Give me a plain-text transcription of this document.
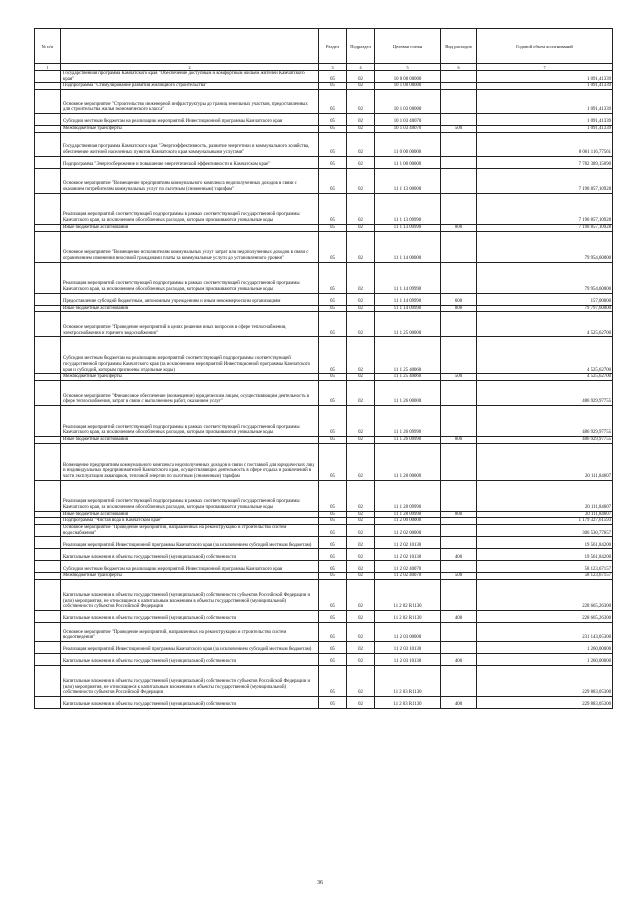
№ п/п		Раздел	Подраздел	Целевая статья	Вид расходов	Годовой объем ассигнований
1	2	3	4	5	6	7
	Государственная программа Камчатского края "Обеспечение доступным и комфортным жильем жителей Камчатского края"	05	02	10 0 00 00000		1 091,41339
	Подпрограмма "Стимулирование развития жилищного строительства"	05	02	10 1 00 00000		1 091,41339
	Основное мероприятие "Строительство инженерной инфраструктуры до границ земельных участков, предоставленных для строительства жилья экономического класса"	05	02	10 1 03 00000		1 091,41339
	Субсидии местным бюджетам на реализацию мероприятий Инвестиционной программы Камчатского края	05	02	10 1 03 40070		1 091,41339
	Межбюджетные трансферты	05	02	10 1 03 40070	500	1 091,41339
	Государственная программа Камчатского края "Энергоэффективность, развитие энергетики и коммунального хозяйства, обеспечение жителей населенных пунктов Камчатского края коммунальными услугами"	05	02	11 0 00 00000		8 061 116,77561
	Подпрограмма "Энергосбережение и повышение энергетической эффективности в Камчатском крае"	05	02	11 1 00 00000		7 782 389,15090
	Основное мероприятие "Возмещение предприятиям коммунального комплекса недополученных доходов в связи с оказанием потребителям коммунальных услуг по льготным (сниженным) тарифам"	05	02	11 1 13 00000		7 190 857,10928
	Реализация мероприятий соответствующей подпрограммы в рамках соответствующей государственной программы Камчатского края, за исключением обособленных расходов, которым присваиваются уникальные коды	05	02	11 1 13 09990		7 190 857,10928
	Иные бюджетные ассигнования	05	02	11 1 13 09990	800	7 190 857,10928
	Основное мероприятие "Возмещение исполнителям коммунальных услуг затрат или недополученных доходов в связи с ограничением изменения вносимой гражданами платы за коммунальные услуги до установленного уровня"	05	02	11 1 14 00000		79 954,60000
	Реализация мероприятий соответствующей подпрограммы в рамках соответствующей государственной программы Камчатского края, за исключением обособленных расходов, которым присваиваются уникальные коды	05	02	11 1 14 09990		79 954,60000
	Предоставление субсидий бюджетным, автономным учреждениям и иным некоммерческим организациям	05	02	11 1 14 09990	600	157,00000
	Иные бюджетные ассигнования	05	02	11 1 14 09990	800	79 797,60000
	Основное мероприятие "Проведение мероприятий в целях решения иных вопросов в сфере теплоснабжения, электроснабжения и горячего водоснабжения"	05	02	11 1 25 00000		4 525,62700
	Субсидии местным бюджетам на реализацию мероприятий соответствующей подпрограммы соответствующей государственной программы Камчатского края (за исключением мероприятий Инвестиционной программы Камчатского края и субсидий, которым присвоены отдельные коды)	05	02	11 1 25 40060		4 525,62700
	Межбюджетные трансферты	05	02	11 1 25 40060	500	4 525,62700
	Основное мероприятие "Финансовое обеспечение (возмещение) юридическим лицам, осуществляющим деятельность в сфере теплоснабжения, затрат в связи с выполнением работ, оказанием услуг"	05	02	11 1 26 00000		486 929,97755
	Реализация мероприятий соответствующей подпрограммы в рамках соответствующей государственной программы Камчатского края, за исключением обособленных расходов, которым присваиваются уникальные коды	05	02	11 1 26 09990		486 929,97755
	Иные бюджетные ассигнования	05	02	11 1 26 09990	800	486 929,97755
	Возмещение предприятиям коммунального комплекса недополученных доходов в связи с поставкой для юридических лиц и индивидуальных предпринимателей Камчатского края, осуществляющих деятельность в сфере отдыха и развлечений в части эксплуатации аквапарков, тепловой энергии по льготным (сниженным) тарифам	05	02	11 1 28 00000		20 111,84607
	Реализация мероприятий соответствующей подпрограммы в рамках соответствующей государственной программы Камчатского края, за исключением обособленных расходов, которым присваиваются уникальные коды	05	02	11 1 28 09990		20 111,84607
	Иные бюджетные ассигнования	05	02	11 1 28 09990	800	20 111,84607
	Подпрограмма "Чистая вода в Камчатском крае"	05	02	11 2 00 00000		1 179 327,61593
	Основное мероприятие "Проведение мероприятий, направленных на реконструкцию и строительство систем водоснабжения"	05	02	11 2 02 00000		306 530,77657
	Реализация мероприятий Инвестиционной программы Камчатского края (за исключением субсидий местным бюджетам)	05	02	11 2 02 10130		19 561,84200
	Капитальные вложения в объекты государственной (муниципальной) собственности	05	02	11 2 02 10130	400	19 561,84200
	Субсидии местным бюджетам на реализацию мероприятий Инвестиционной программы Камчатского края	05	02	11 2 02 40070		58 123,67157
	Межбюджетные трансферты	05	02	11 2 02 40070	500	58 123,67157
	Капитальные вложения в объекты государственной (муниципальной) собственности субъектов Российской Федерации и (или) мероприятия, не относящиеся к капитальным вложениям в объекты государственной (муниципальной) собственности субъектов Российской Федерации	05	02	11 2 02 R1130		228 665,26300
	Капитальные вложения в объекты государственной (муниципальной) собственности	05	02	11 2 02 R1130	400	228 665,26300
	Основное мероприятие "Проведение мероприятий, направленных на реконструкцию и строительство систем водоотведения"	05	02	11 2 03 00000		231 143,05300
	Реализация мероприятий Инвестиционной программы Камчатского края (за исключением субсидий местным бюджетам)	05	02	11 2 03 10130		1 260,00000
	Капитальные вложения в объекты государственной (муниципальной) собственности	05	02	11 2 03 10130	400	1 260,00000
	Капитальные вложения в объекты государственной (муниципальной) собственности субъектов Российской Федерации и (или) мероприятия, не относящиеся к капитальным вложениям в объекты государственной (муниципальной) собственности субъектов Российской Федерации	05	02	11 2 03 R1130		229 883,05300
	Капитальные вложения в объекты государственной (муниципальной) собственности	05	02	11 2 03 R1130	400	229 883,05300
36
